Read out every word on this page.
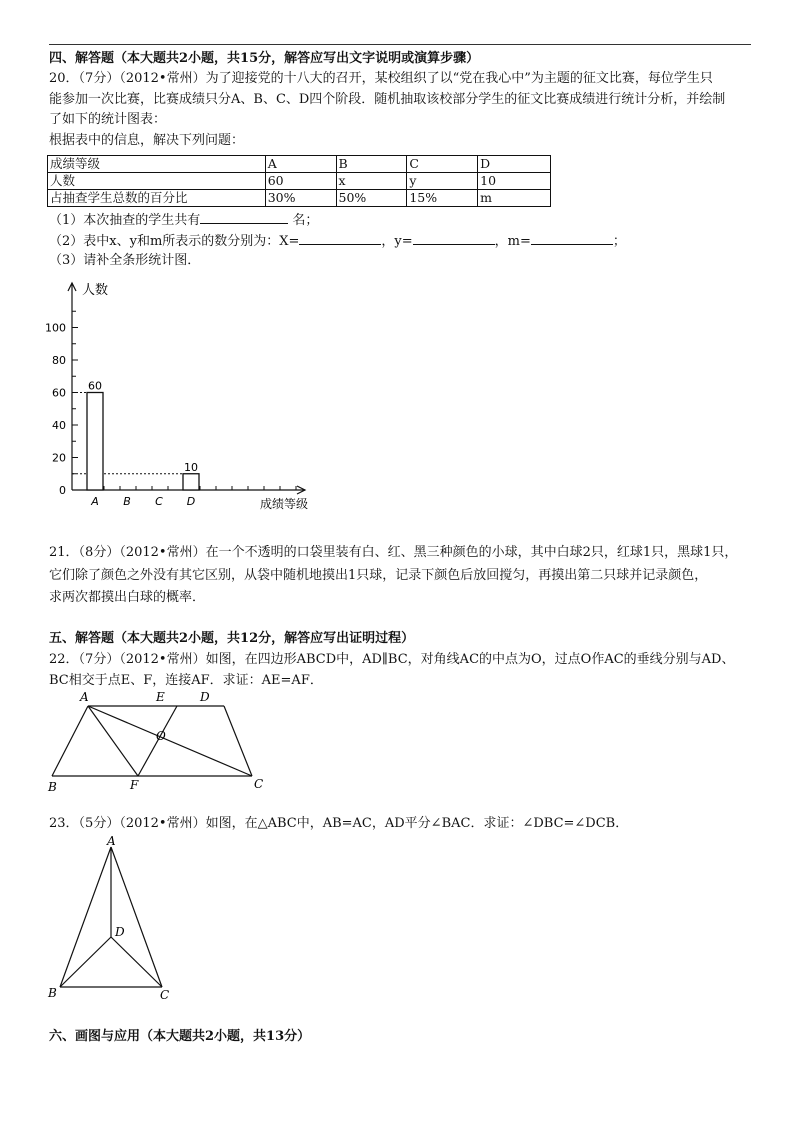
四、解答题（本大题共2小题，共15分，解答应写出文字说明或演算步骤）
20．（7分）（2012•常州）为了迎接党的十八大的召开，某校组织了以“党在我心中”为主题的征文比赛，每位学生只
能参加一次比赛，比赛成绩只分A、B、C、D四个阶段．随机抽取该校部分学生的征文比赛成绩进行统计分析，并绘制
了如下的统计图表：
根据表中的信息，解决下列问题：
成绩等级	A	B	C	D
人数	60	x	y	10
占抽查学生总数的百分比	30%	50%	15%	m
（1）本次抽查的学生共有	名；
（2）表中x、y和m所表示的数分别为：X=	，y=	，m=	；
（3）请补全条形统计图．
0
20
40
60
80
100
A B C D
60
10
人数
成绩等级
21．（8分）（2012•常州）在一个不透明的口袋里装有白、红、黑三种颜色的小球，其中白球2只，红球1只，黑球1只，
它们除了颜色之外没有其它区别，从袋中随机地摸出1只球，记录下颜色后放回搅匀，再摸出第二只球并记录颜色，
求两次都摸出白球的概率．
五、解答题（本大题共2小题，共12分，解答应写出证明过程）
22．（7分）（2012•常州）如图，在四边形ABCD中，AD∥BC，对角线AC的中点为O，过点O作AC的垂线分别与AD、
BC相交于点E、F，连接AF．求证：AE=AF．
A	E	D
O
B	F	C
23．（5分）（2012•常州）如图，在△ABC中，AB=AC，AD平分∠BAC．求证：∠DBC=∠DCB．
A
D
B	C
六、画图与应用（本大题共2小题，共13分）
